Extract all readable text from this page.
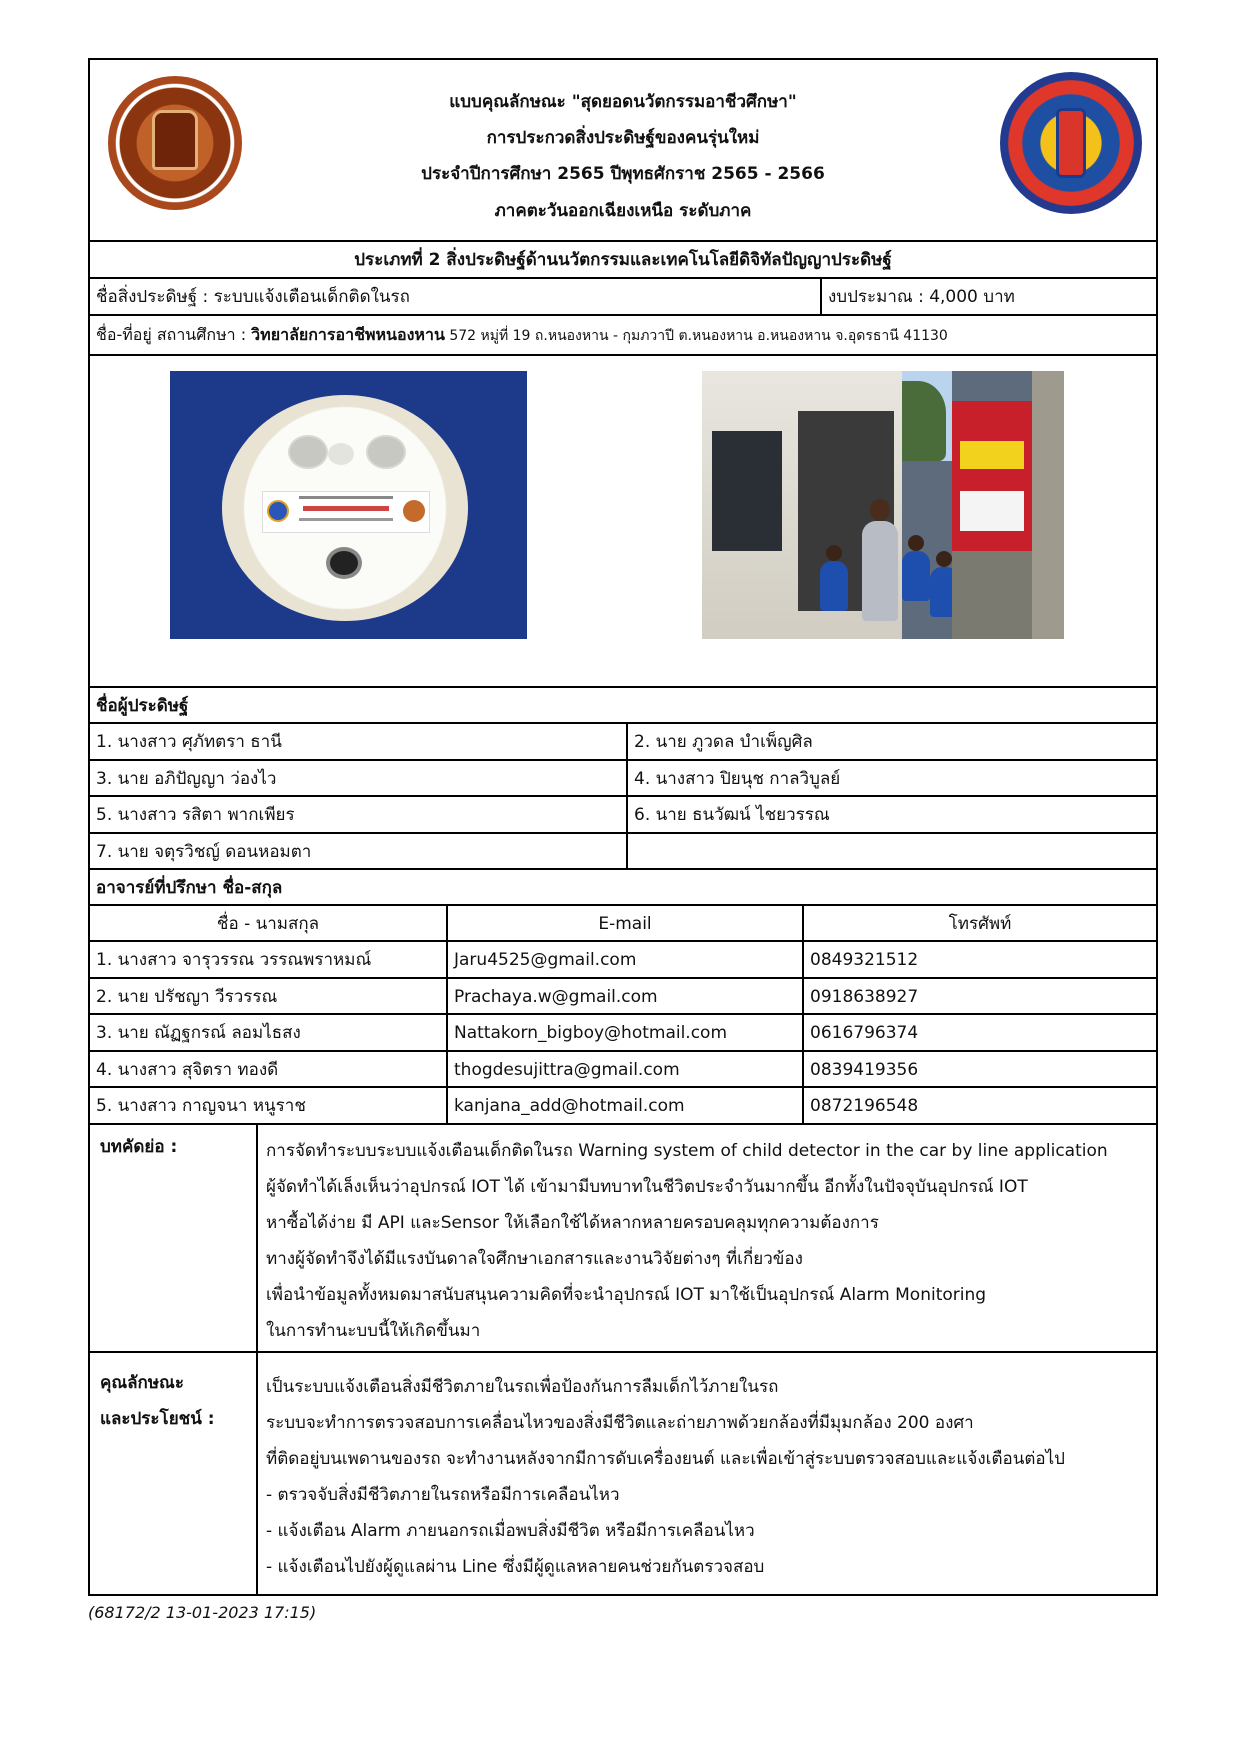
แบบคุณลักษณะ "สุดยอดนวัตกรรมอาชีวศึกษา"
การประกวดสิ่งประดิษฐ์ของคนรุ่นใหม่
ประจำปีการศึกษา 2565 ปีพุทธศักราช 2565 - 2566
ภาคตะวันออกเฉียงเหนือ ระดับภาค
ประเภทที่ 2 สิ่งประดิษฐ์ด้านนวัตกรรมและเทคโนโลยีดิจิทัลปัญญาประดิษฐ์
ชื่อสิ่งประดิษฐ์ : ระบบแจ้งเตือนเด็กติดในรถ	งบประมาณ : 4,000 บาท
ชื่อ-ที่อยู่ สถานศึกษา : วิทยาลัยการอาชีพหนองหาน 572 หมู่ที่ 19 ถ.หนองหาน - กุมภวาปี ต.หนองหาน อ.หนองหาน จ.อุดรธานี 41130
ชื่อผู้ประดิษฐ์
1. นางสาว ศุภัทตรา ธานี	2. นาย ภูวดล บำเพ็ญศิล
3. นาย อภิปัญญา ว่องไว	4. นางสาว ปิยนุช กาลวิบูลย์
5. นางสาว รสิตา พากเพียร	6. นาย ธนวัฒน์ ไชยวรรณ
7. นาย จตุรวิชญ์ ดอนหอมตา
อาจารย์ที่ปรึกษา ชื่อ-สกุล
ชื่อ - นามสกุล	E-mail	โทรศัพท์
1. นางสาว จารุวรรณ วรรณพราหมณ์	Jaru4525@gmail.com	0849321512
2. นาย ปรัชญา วีรวรรณ	Prachaya.w@gmail.com	0918638927
3. นาย ณัฏฐกรณ์ ลอมไธสง	Nattakorn_bigboy@hotmail.com	0616796374
4. นางสาว สุจิตรา ทองดี	thogdesujittra@gmail.com	0839419356
5. นางสาว กาญจนา หนูราช	kanjana_add@hotmail.com	0872196548
บทคัดย่อ :	การจัดทำระบบระบบแจ้งเตือนเด็กติดในรถ Warning system of child detector in the car by line application
ผู้จัดทำได้เล็งเห็นว่าอุปกรณ์ IOT ได้ เข้ามามีบทบาทในชีวิตประจำวันมากขึ้น อีกทั้งในปัจจุบันอุปกรณ์ IOT
หาซื้อได้ง่าย มี API และSensor ให้เลือกใช้ได้หลากหลายครอบคลุมทุกความต้องการ
ทางผู้จัดทำจึงได้มีแรงบันดาลใจศึกษาเอกสารและงานวิจัยต่างๆ ที่เกี่ยวข้อง
เพื่อนำข้อมูลทั้งหมดมาสนับสนุนความคิดที่จะนำอุปกรณ์ IOT มาใช้เป็นอุปกรณ์ Alarm Monitoring
ในการทำนะบบนี้ให้เกิดขึ้นมา
คุณลักษณะ
และประโยชน์ :
เป็นระบบแจ้งเตือนสิ่งมีชีวิตภายในรถเพื่อป้องกันการลืมเด็กไว้ภายในรถ
ระบบจะทำการตรวจสอบการเคลื่อนไหวของสิ่งมีชีวิตและถ่ายภาพด้วยกล้องที่มีมุมกล้อง 200 องศา
ที่ติดอยู่บนเพดานของรถ จะทำงานหลังจากมีการดับเครื่องยนต์ และเพื่อเข้าสู่ระบบตรวจสอบและแจ้งเตือนต่อไป
- ตรวจจับสิ่งมีชีวิตภายในรถหรือมีการเคลือนไหว
- แจ้งเตือน Alarm ภายนอกรถเมื่อพบสิ่งมีชีวิต หรือมีการเคลือนไหว
- แจ้งเตือนไปยังผู้ดูแลผ่าน Line ซึ่งมีผู้ดูแลหลายคนช่วยกันตรวจสอบ
(68172/2 13-01-2023 17:15)
